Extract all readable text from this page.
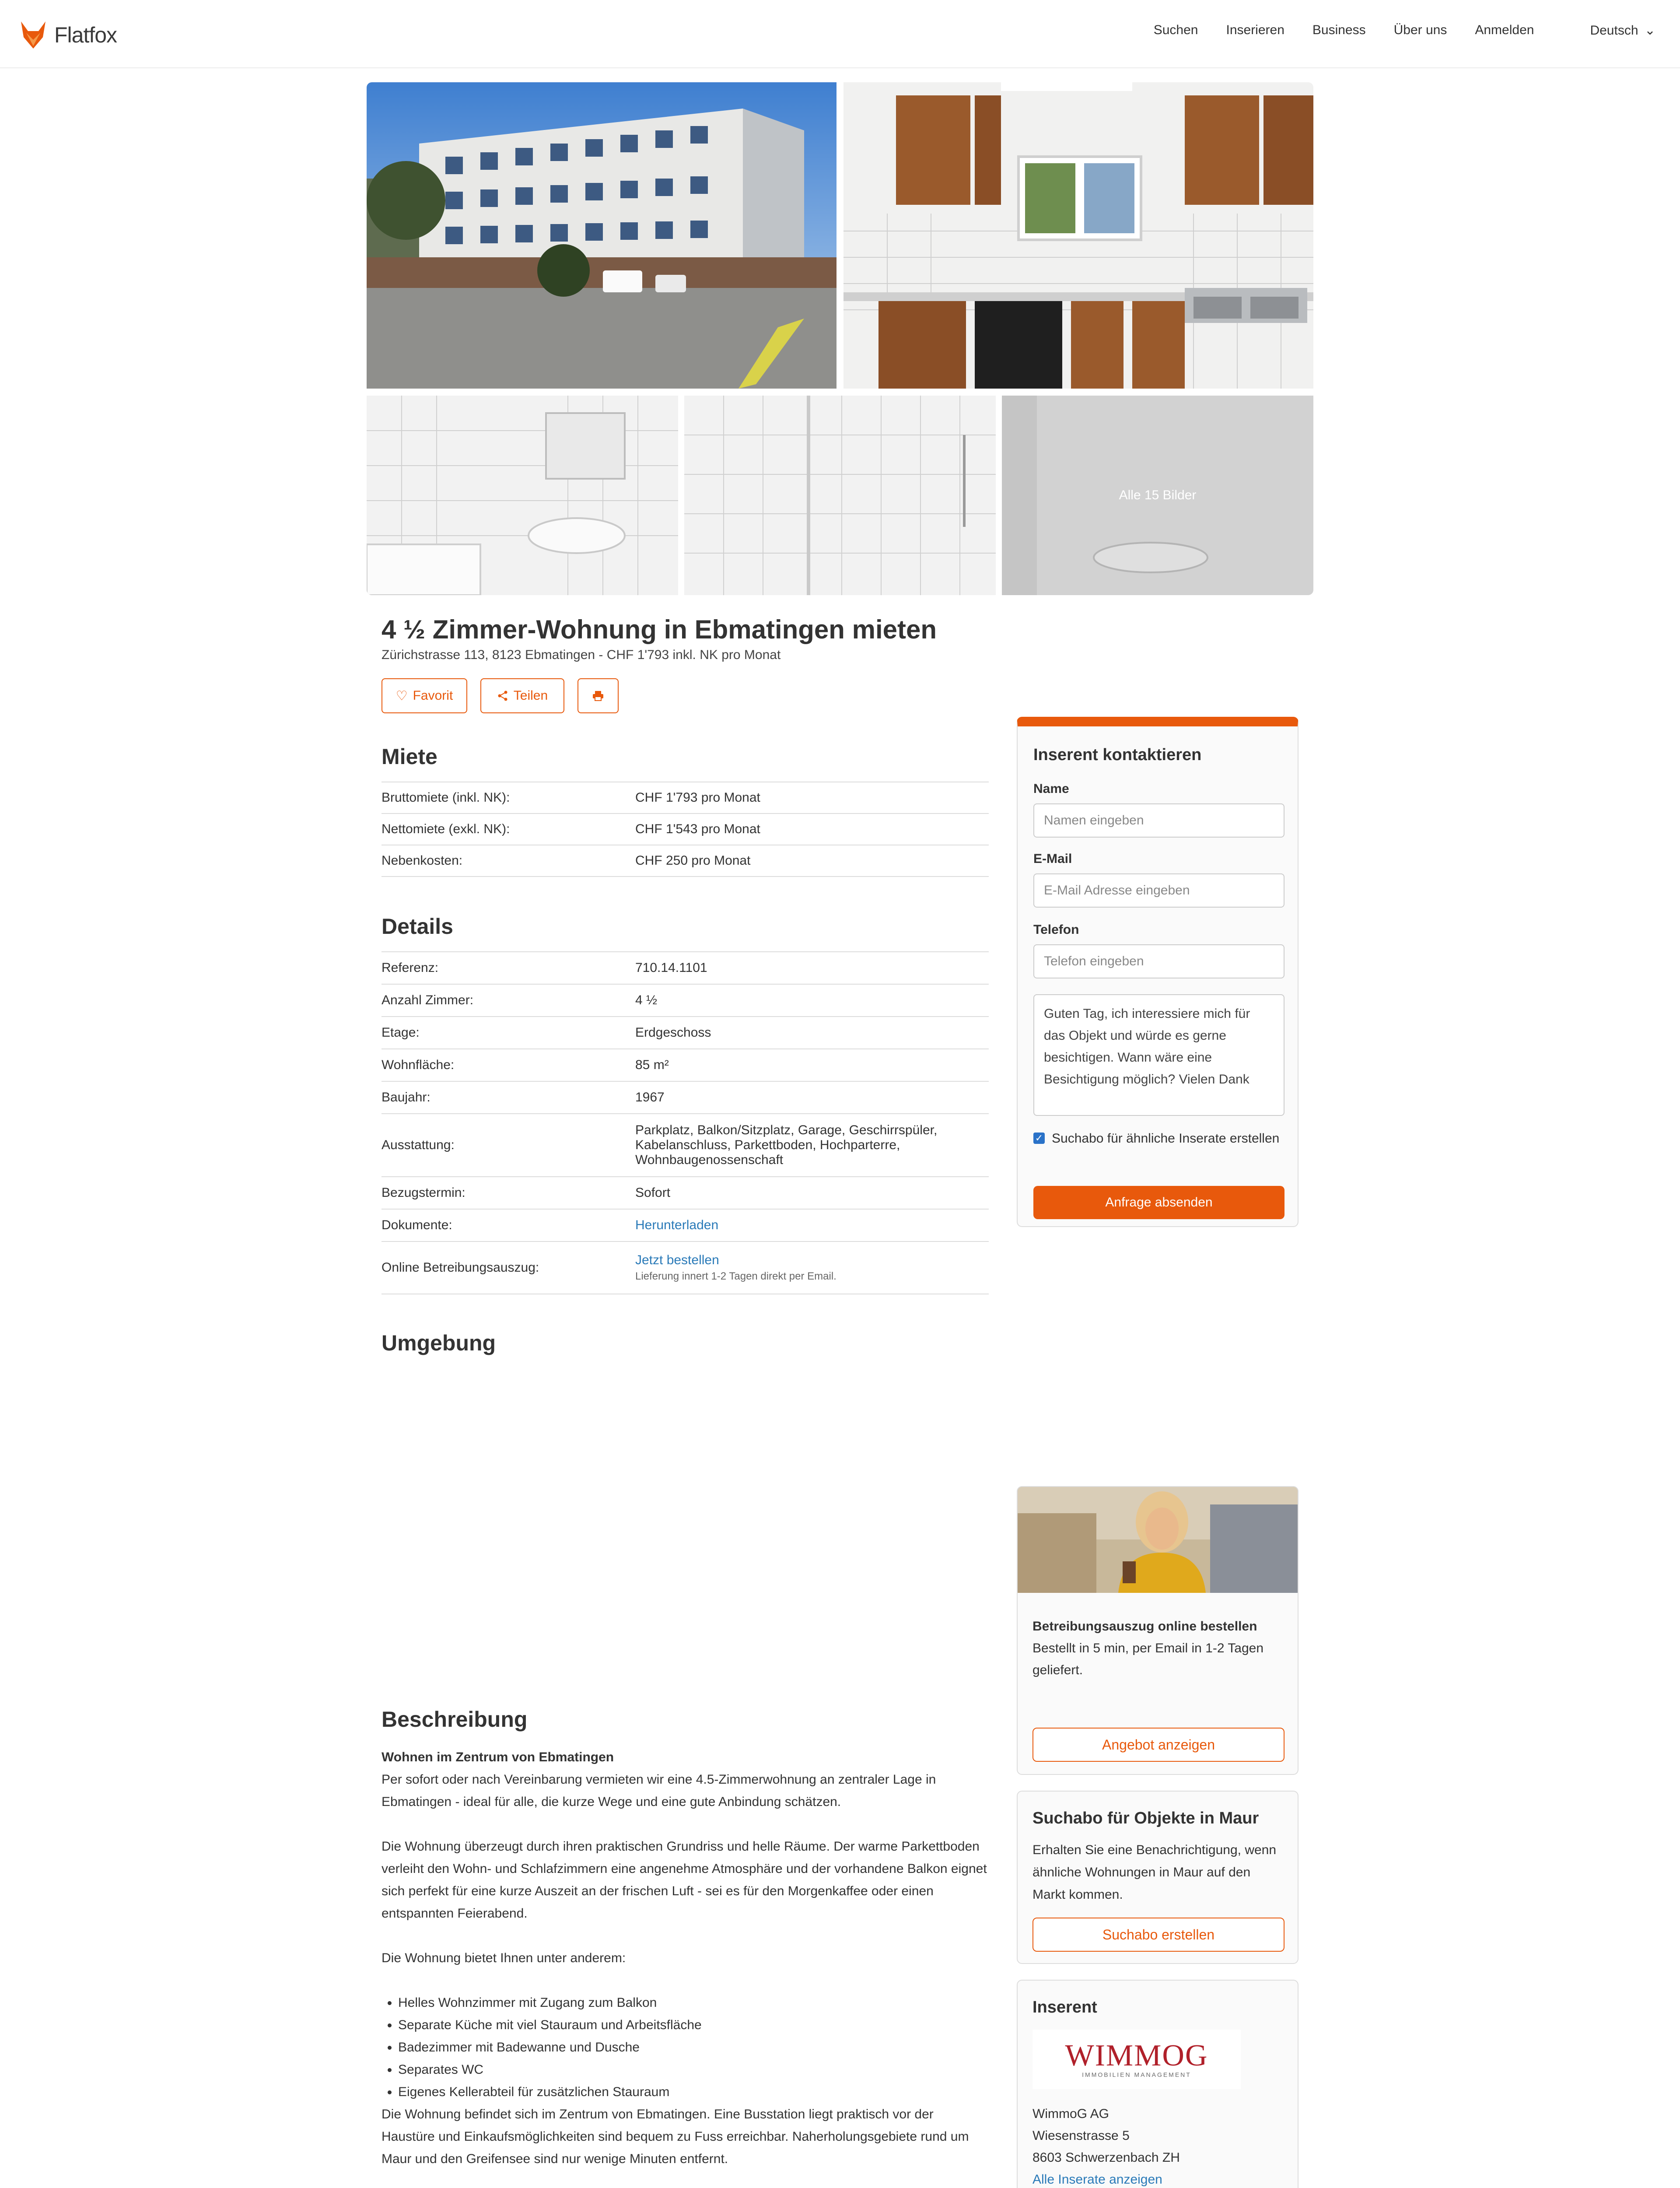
Flatfox	Suchen Inserieren Business Über uns Anmelden	Deutsch ⌄
Alle 15 Bilder
4 ½ Zimmer-Wohnung in Ebmatingen mieten
Zürichstrasse 113, 8123 Ebmatingen - CHF 1'793 inkl. NK pro Monat
♡ Favorit	Teilen
Miete
Bruttomiete (inkl. NK):	CHF 1'793 pro Monat
Nettomiete (exkl. NK):	CHF 1'543 pro Monat
Nebenkosten:	CHF 250 pro Monat
Details
Referenz:	710.14.1101
Anzahl Zimmer:	4 ½
Etage:	Erdgeschoss
Wohnfläche:	85 m²
Baujahr:	1967
Ausstattung:
Parkplatz, Balkon/Sitzplatz, Garage, Geschirrspüler, Kabelanschluss, Parkettboden, Hochparterre, Wohnbaugenossenschaft
Bezugstermin:	Sofort
Dokumente:	Herunterladen
Online Betreibungsauszug:
Jetzt bestellen
Lieferung innert 1-2 Tagen direkt per Email.
Umgebung
Inserent kontaktieren
Name
Namen eingeben
E-Mail
E-Mail Adresse eingeben
Telefon
Telefon eingeben
Guten Tag, ich interessiere mich für das Objekt und würde es gerne besichtigen. Wann wäre eine Besichtigung möglich? Vielen Dank
✓ Suchabo für ähnliche Inserate erstellen
Anfrage absenden
Betreibungsauszug online bestellen
Bestellt in 5 min, per Email in 1-2 Tagen geliefert.
Angebot anzeigen
Suchabo für Objekte in Maur
Erhalten Sie eine Benachrichtigung, wenn ähnliche Wohnungen in Maur auf den Markt kommen.
Suchabo erstellen
Inserent
WIMMOG
IMMOBILIEN MANAGEMENT
WimmoG AG
Wiesenstrasse 5
8603 Schwerzenbach ZH
Alle Inserate anzeigen
Beschreibung
Wohnen im Zentrum von Ebmatingen

Per sofort oder nach Vereinbarung vermieten wir eine 4.5-Zimmerwohnung an zentraler Lage in Ebmatingen - ideal für alle, die kurze Wege und eine gute Anbindung schätzen.

Die Wohnung überzeugt durch ihren praktischen Grundriss und helle Räume. Der warme Parkettboden verleiht den Wohn- und Schlafzimmern eine angenehme Atmosphäre und der vorhandene Balkon eignet sich perfekt für eine kurze Auszeit an der frischen Luft - sei es für den Morgenkaffee oder einen entspannten Feierabend.

Die Wohnung bietet Ihnen unter anderem:

• Helles Wohnzimmer mit Zugang zum Balkon
• Separate Küche mit viel Stauraum und Arbeitsfläche
• Badezimmer mit Badewanne und Dusche
• Separates WC
• Eigenes Kellerabteil für zusätzlichen Stauraum

Die Wohnung befindet sich im Zentrum von Ebmatingen. Eine Busstation liegt praktisch vor der Haustüre und Einkaufsmöglichkeiten sind bequem zu Fuss erreichbar. Naherholungsgebiete rund um Maur und den Greifensee sind nur wenige Minuten entfernt.
